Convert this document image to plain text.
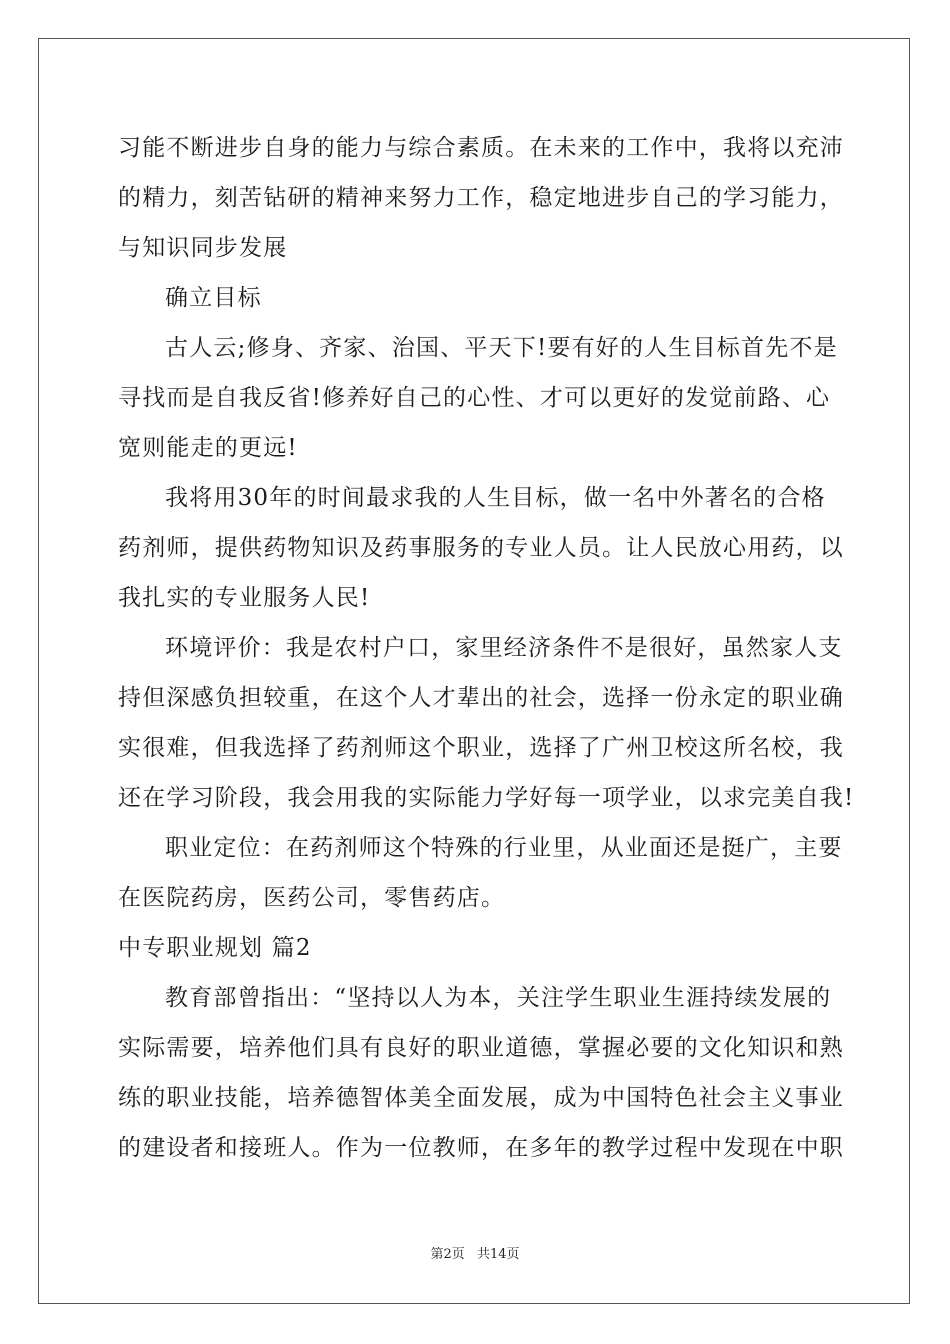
习能不断进步自身的能力与综合素质。在未来的工作中，我将以充沛
的精力，刻苦钻研的精神来努力工作，稳定地进步自己的学习能力，
与知识同步发展
确立目标
古人云;修身、齐家、治国、平天下!要有好的人生目标首先不是
寻找而是自我反省!修养好自己的心性、才可以更好的发觉前路、心
宽则能走的更远!
我将用30年的时间最求我的人生目标，做一名中外著名的合格
药剂师，提供药物知识及药事服务的专业人员。让人民放心用药，以
我扎实的专业服务人民!
环境评价：我是农村户口，家里经济条件不是很好，虽然家人支
持但深感负担较重，在这个人才辈出的社会，选择一份永定的职业确
实很难，但我选择了药剂师这个职业，选择了广州卫校这所名校，我
还在学习阶段，我会用我的实际能力学好每一项学业，以求完美自我!
职业定位：在药剂师这个特殊的行业里，从业面还是挺广，主要
在医院药房，医药公司，零售药店。
中专职业规划 篇2
教育部曾指出：“坚持以人为本，关注学生职业生涯持续发展的
实际需要，培养他们具有良好的职业道德，掌握必要的文化知识和熟
练的职业技能，培养德智体美全面发展，成为中国特色社会主义事业
的建设者和接班人。作为一位教师，在多年的教学过程中发现在中职
第2页 共14页
